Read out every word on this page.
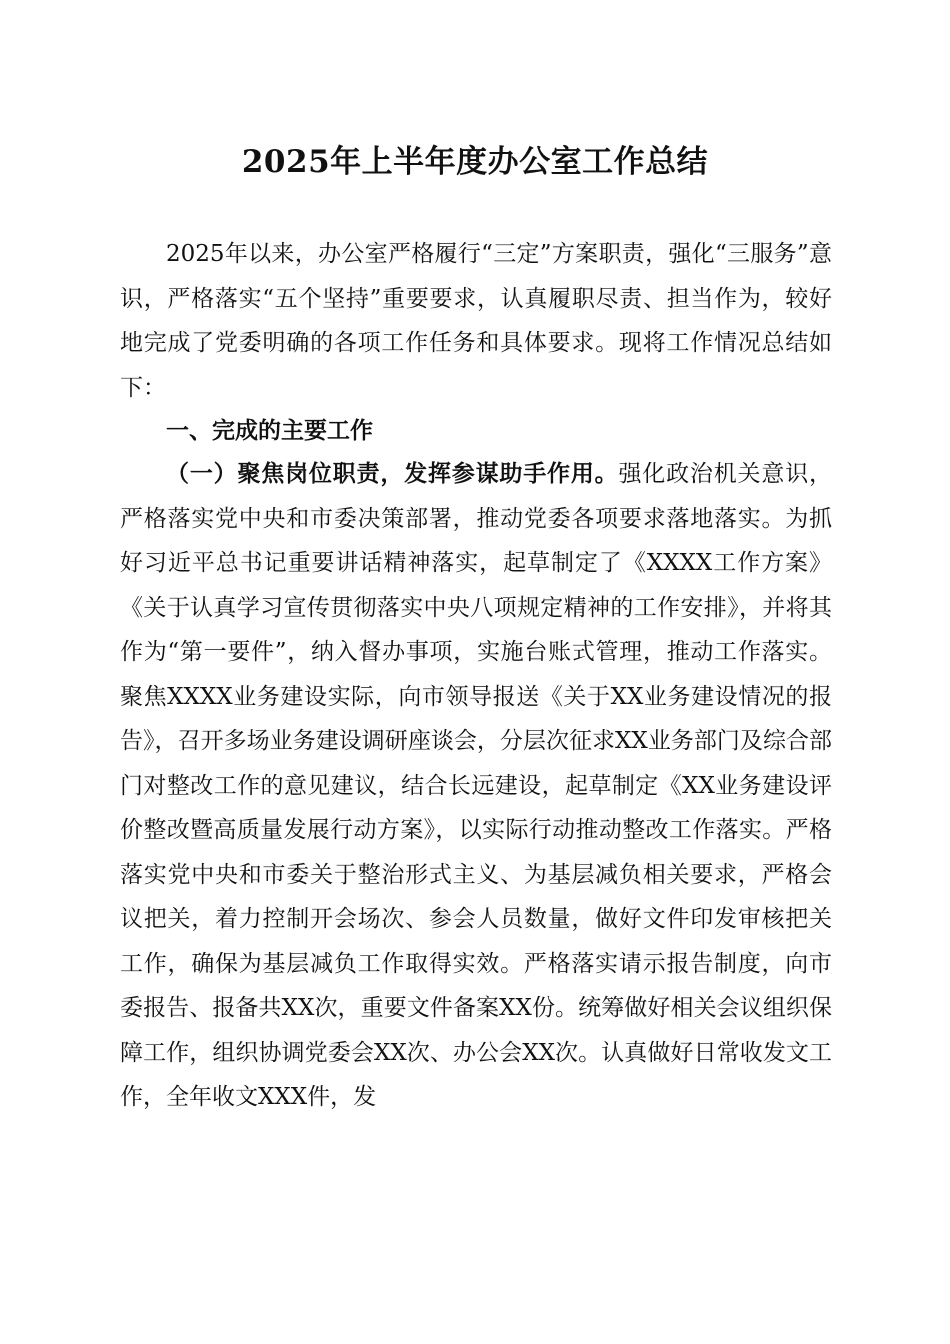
2025年上半年度办公室工作总结

2025年以来，办公室严格履行“三定”方案职责，强化“三服务”意识，严格落实“五个坚持”重要要求，认真履职尽责、担当作为，较好地完成了党委明确的各项工作任务和具体要求。现将工作情况总结如下：

一、完成的主要工作

（一）聚焦岗位职责，发挥参谋助手作用。强化政治机关意识，严格落实党中央和市委决策部署，推动党委各项要求落地落实。为抓好习近平总书记重要讲话精神落实，起草制定了《XXXX工作方案》《关于认真学习宣传贯彻落实中央八项规定精神的工作安排》，并将其作为“第一要件”，纳入督办事项，实施台账式管理，推动工作落实。聚焦XXXX业务建设实际，向市领导报送《关于XX业务建设情况的报告》，召开多场业务建设调研座谈会，分层次征求XX业务部门及综合部门对整改工作的意见建议，结合长远建设，起草制定《XX业务建设评价整改暨高质量发展行动方案》，以实际行动推动整改工作落实。严格落实党中央和市委关于整治形式主义、为基层减负相关要求，严格会议把关，着力控制开会场次、参会人员数量，做好文件印发审核把关工作，确保为基层减负工作取得实效。严格落实请示报告制度，向市委报告、报备共XX次，重要文件备案XX份。统筹做好相关会议组织保障工作，组织协调党委会XX次、办公会XX次。认真做好日常收发文工作，全年收文XXX件，发
